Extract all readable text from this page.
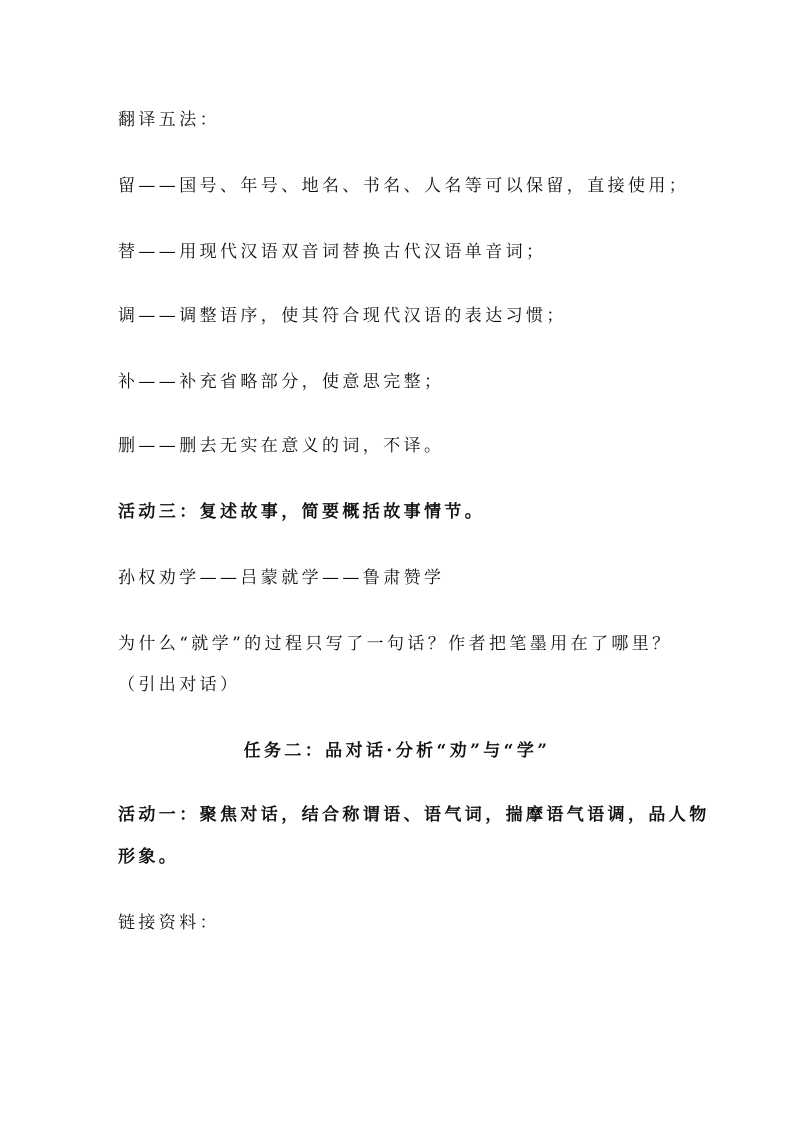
翻译五法：
留——国号、年号、地名、书名、人名等可以保留，直接使用；
替——用现代汉语双音词替换古代汉语单音词；
调——调整语序，使其符合现代汉语的表达习惯；
补——补充省略部分，使意思完整；
删——删去无实在意义的词，不译。
活动三：复述故事，简要概括故事情节。
孙权劝学——吕蒙就学——鲁肃赞学
为什么“就学”的过程只写了一句话？作者把笔墨用在了哪里？
（引出对话）
任务二：品对话·分析“劝”与“学”
活动一：聚焦对话，结合称谓语、语气词，揣摩语气语调，品人物
形象。
链接资料：
